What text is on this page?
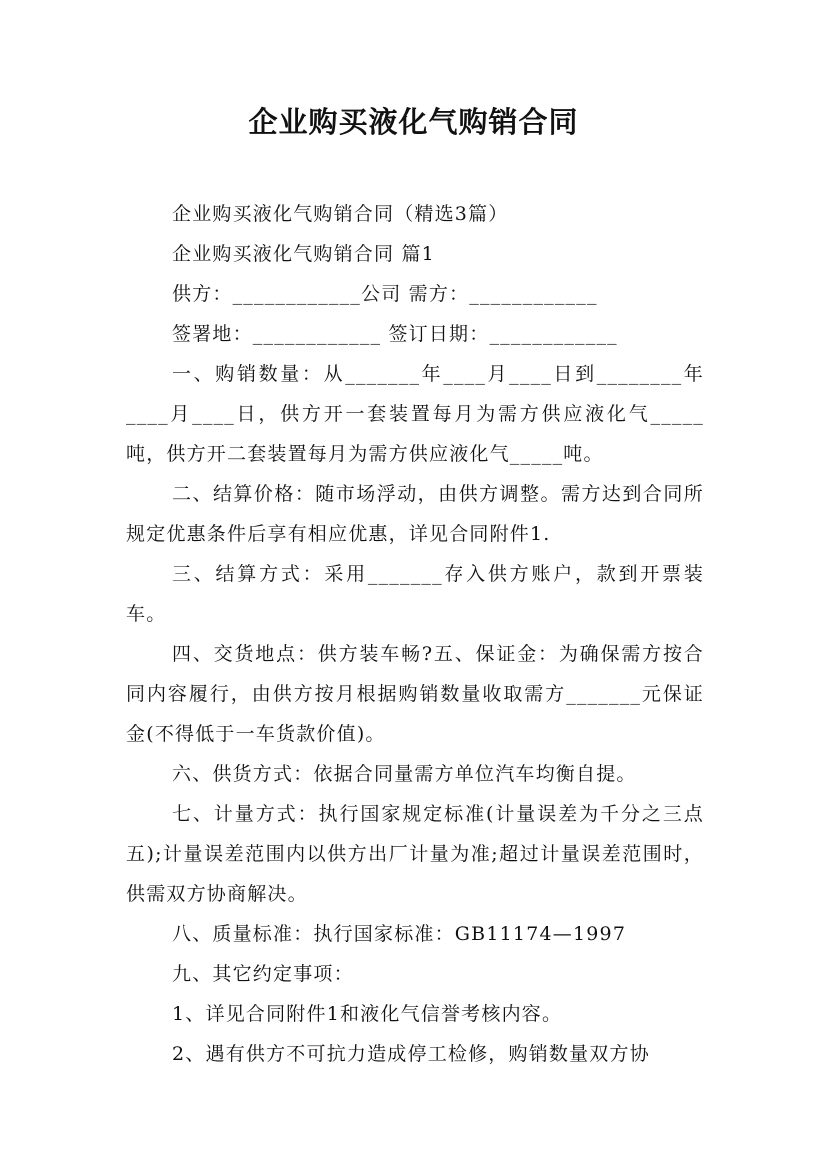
企业购买液化气购销合同

企业购买液化气购销合同（精选3篇）

企业购买液化气购销合同 篇1

供方：____________公司 需方：____________

签署地：____________ 签订日期：____________

一、购销数量：从_______年____月____日到________年____月____日，供方开一套装置每月为需方供应液化气_____吨，供方开二套装置每月为需方供应液化气_____吨。

二、结算价格：随市场浮动，由供方调整。需方达到合同所规定优惠条件后享有相应优惠，详见合同附件1.

三、结算方式：采用_______存入供方账户，款到开票装车。

四、交货地点：供方装车畅?五、保证金：为确保需方按合同内容履行，由供方按月根据购销数量收取需方_______元保证金(不得低于一车货款价值)。

六、供货方式：依据合同量需方单位汽车均衡自提。

七、计量方式：执行国家规定标准(计量误差为千分之三点五);计量误差范围内以供方出厂计量为准;超过计量误差范围时，供需双方协商解决。

八、质量标准：执行国家标准：GB11174—1997

九、其它约定事项：

1、详见合同附件1和液化气信誉考核内容。

2、遇有供方不可抗力造成停工检修，购销数量双方协
